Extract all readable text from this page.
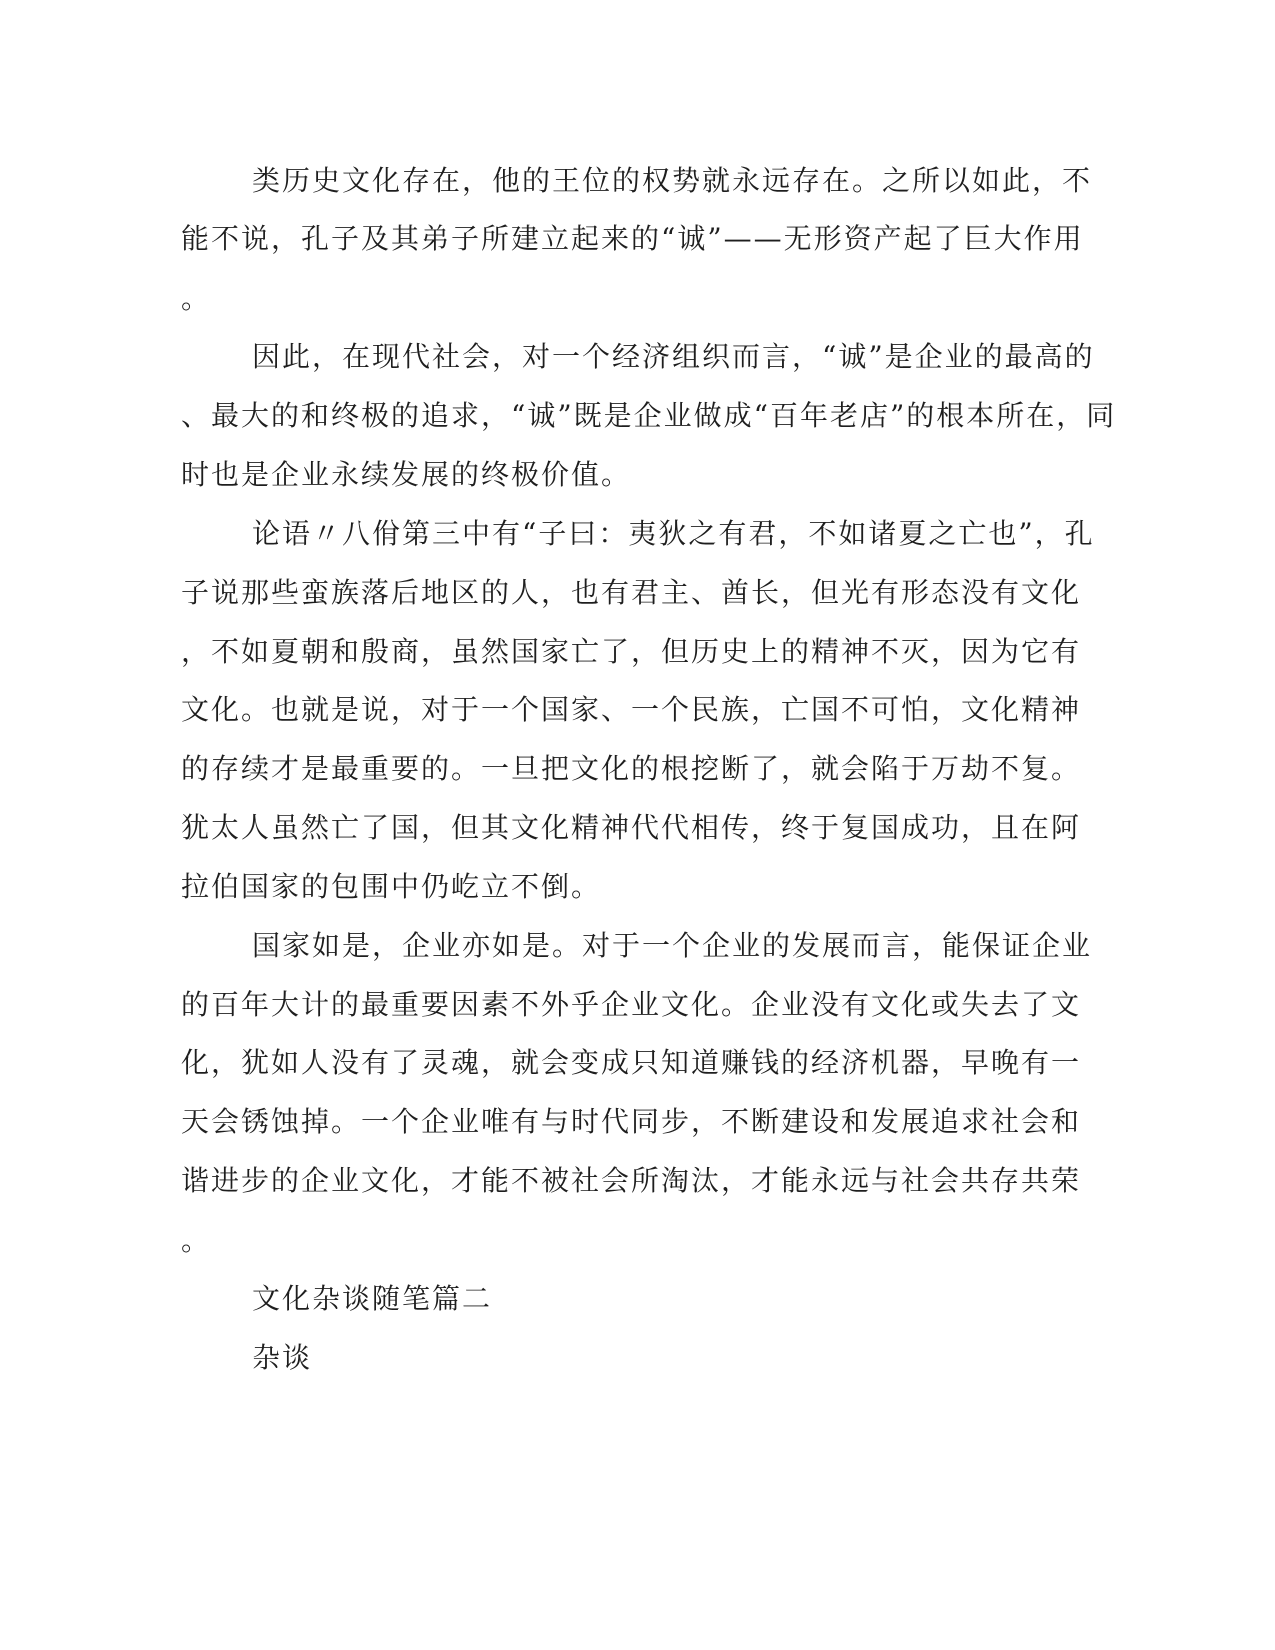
类历史文化存在，他的王位的权势就永远存在。之所以如此，不
能不说，孔子及其弟子所建立起来的“诚”——无形资产起了巨大作用
。
因此，在现代社会，对一个经济组织而言，“诚”是企业的最高的
、最大的和终极的追求，“诚”既是企业做成“百年老店”的根本所在，同
时也是企业永续发展的终极价值。
论语〃八佾第三中有“子曰：夷狄之有君，不如诸夏之亡也”，孔
子说那些蛮族落后地区的人，也有君主、酋长，但光有形态没有文化
，不如夏朝和殷商，虽然国家亡了，但历史上的精神不灭，因为它有
文化。也就是说，对于一个国家、一个民族，亡国不可怕，文化精神
的存续才是最重要的。一旦把文化的根挖断了，就会陷于万劫不复。
犹太人虽然亡了国，但其文化精神代代相传，终于复国成功，且在阿
拉伯国家的包围中仍屹立不倒。
国家如是，企业亦如是。对于一个企业的发展而言，能保证企业
的百年大计的最重要因素不外乎企业文化。企业没有文化或失去了文
化，犹如人没有了灵魂，就会变成只知道赚钱的经济机器，早晚有一
天会锈蚀掉。一个企业唯有与时代同步，不断建设和发展追求社会和
谐进步的企业文化，才能不被社会所淘汰，才能永远与社会共存共荣
。
文化杂谈随笔篇二
杂谈
